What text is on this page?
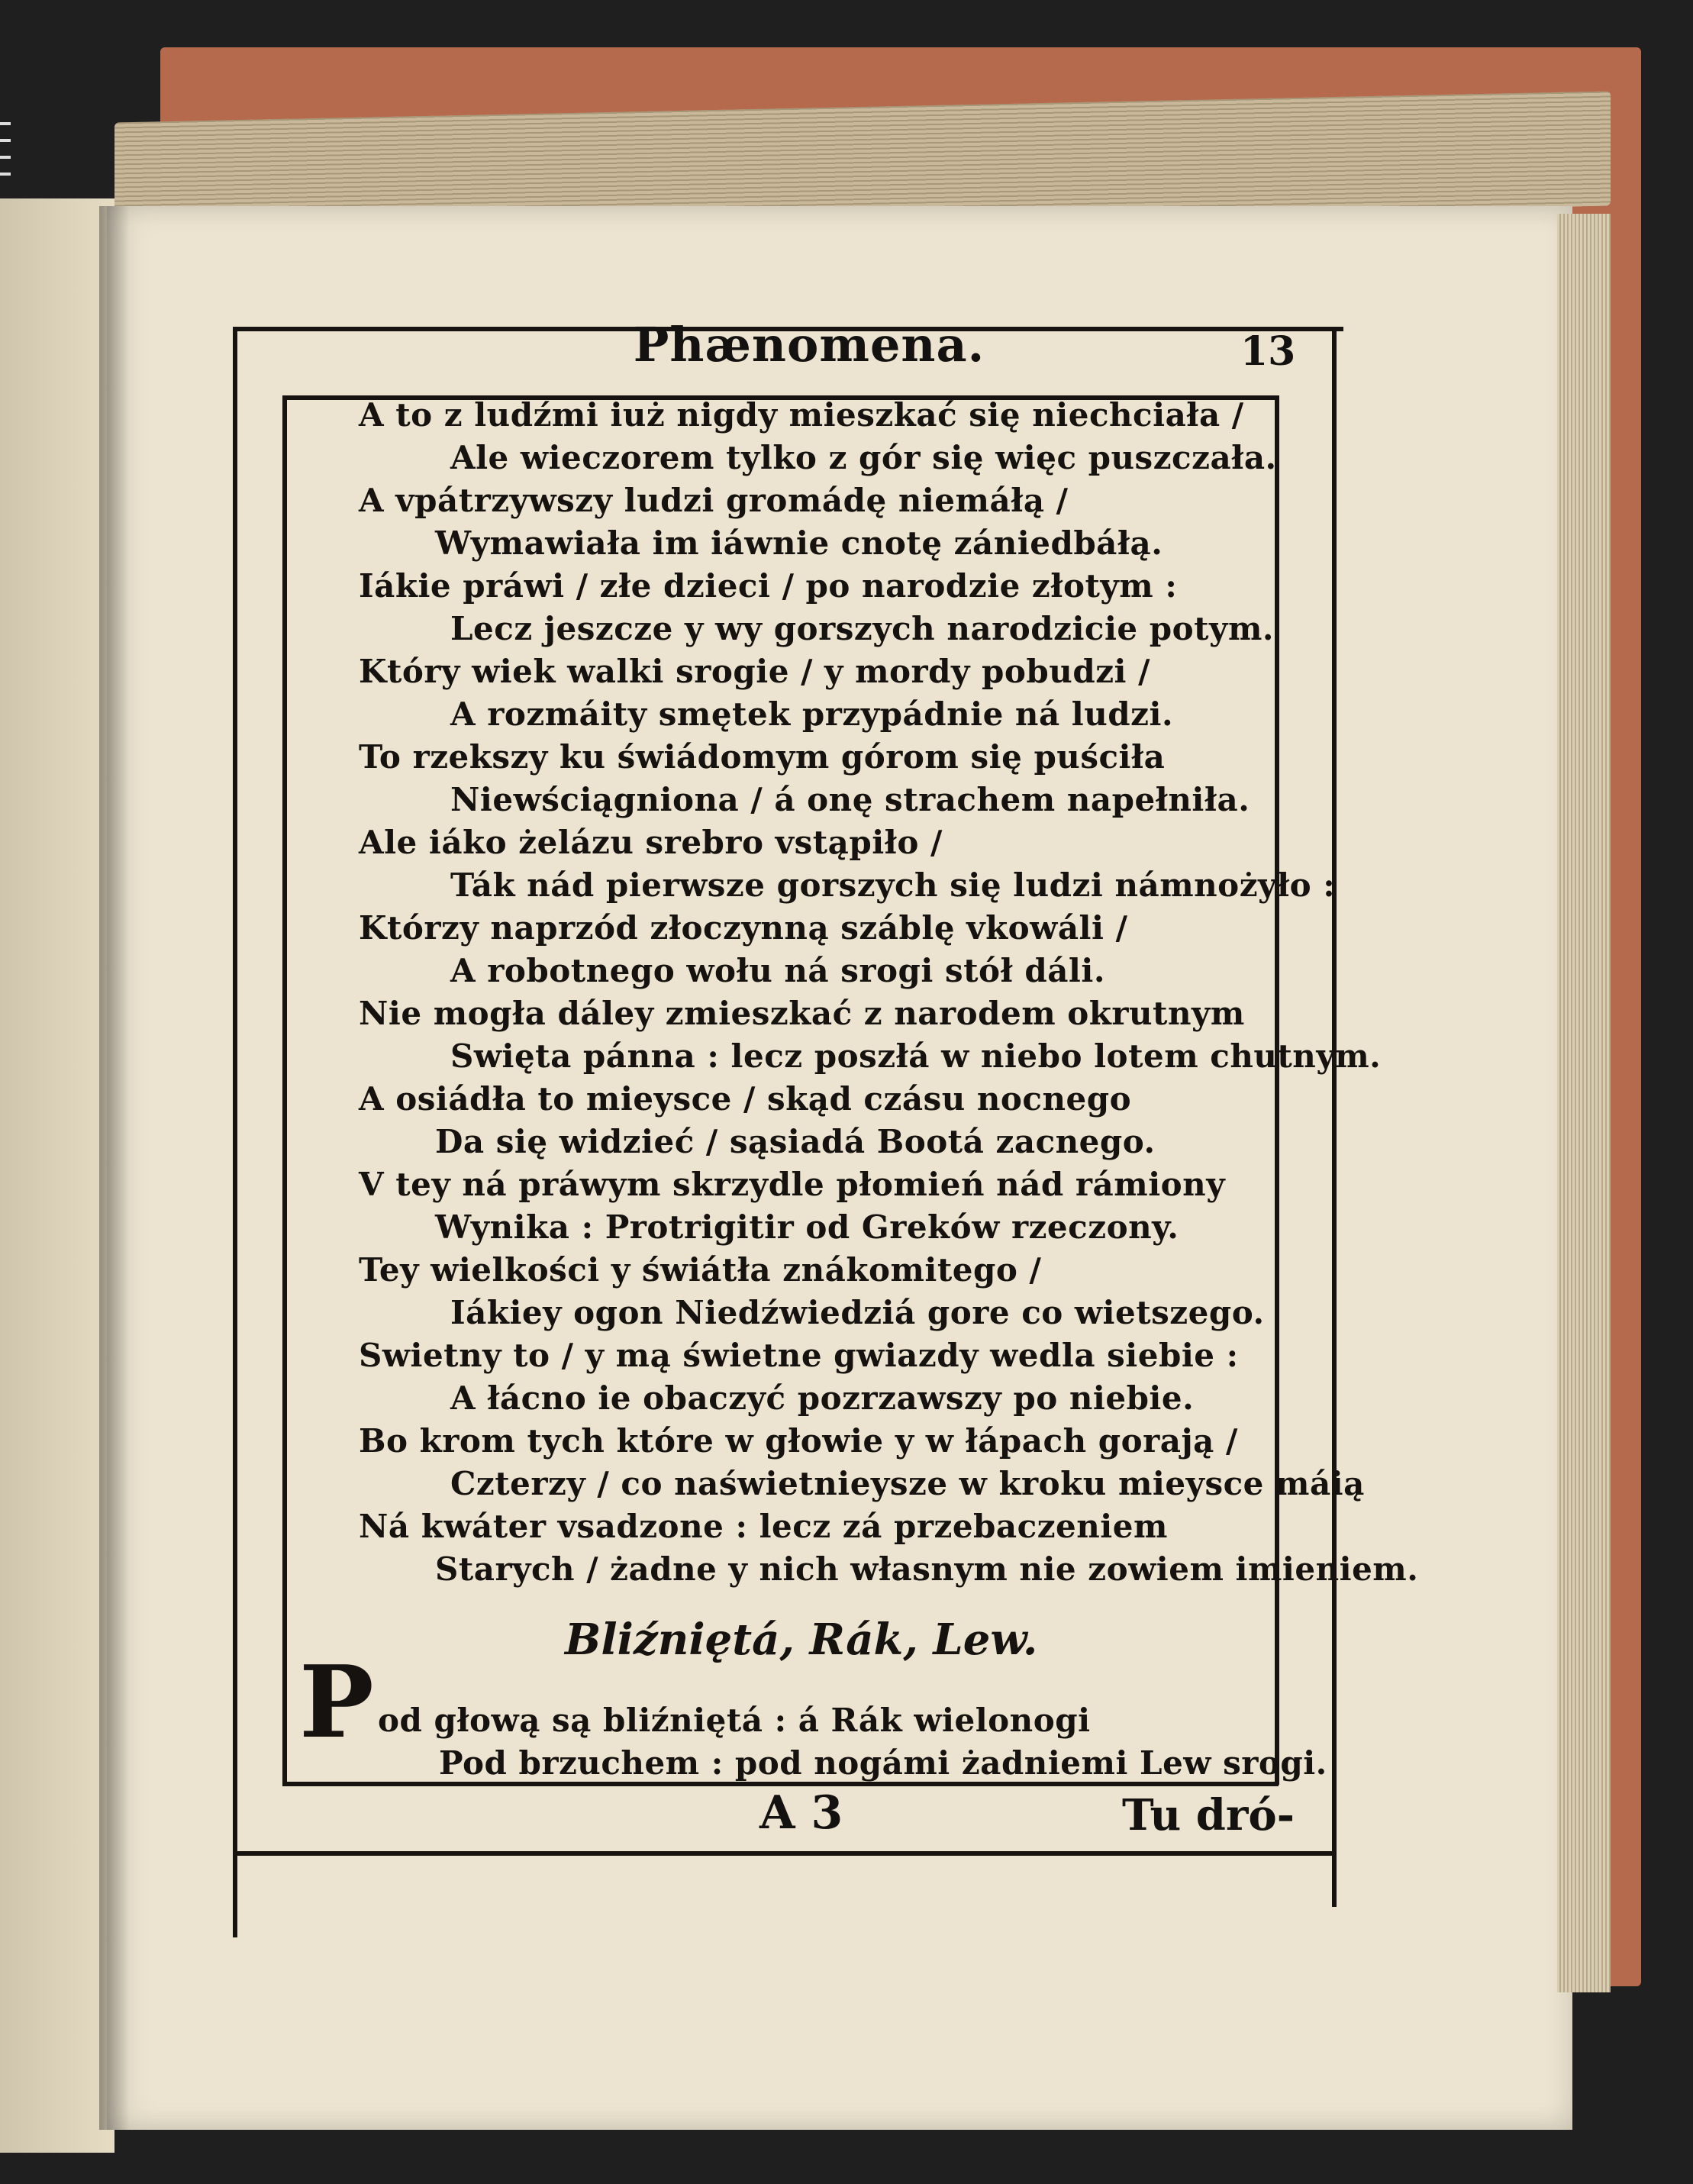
Phænomena.	13
A to z ludźmi iuż nigdy mieszkać się niechciała /
Ale wieczorem tylko z gór się więc puszczała.
A vpátrzywszy ludzi gromádę niemáłą /
Wymawiała im iáwnie cnotę zániedbáłą.
Iákie práwi / złe dzieci / po narodzie złotym :
Lecz jeszcze y wy gorszych narodzicie potym.
Który wiek walki srogie / y mordy pobudzi /
A rozmáity smętek przypádnie ná ludzi.
To rzekszy ku świádomym górom się puściła
Niewściągniona / á onę strachem napełniła.
Ale iáko żelázu srebro vstąpiło /
Ták nád pierwsze gorszych się ludzi námnożyło :
Którzy naprzód złoczynną száblę vkowáli /
A robotnego wołu ná srogi stół dáli.
Nie mogła dáley zmieszkać z narodem okrutnym
Swięta pánna : lecz poszłá w niebo lotem chutnym.
A osiádła to mieysce / skąd czásu nocnego
Da się widzieć / sąsiadá Bootá zacnego.
V tey ná práwym skrzydle płomień nád rámiony
Wynika : Protrigitir od Greków rzeczony.
Tey wielkości y świátła znákomitego /
Iákiey ogon Niedźwiedziá gore co wietszego.
Swietny to / y mą świetne gwiazdy wedla siebie :
A łácno ie obaczyć pozrzawszy po niebie.
Bo krom tych które w głowie y w łápach gorają /
Czterzy / co naświetnieysze w kroku mieysce máią
Ná kwáter vsadzone : lecz zá przebaczeniem
Starych / żadne y nich własnym nie zowiem imieniem.
Bliźniętá, Rák, Lew.
P od głową są bliźniętá : á Rák wielonogi
Pod brzuchem : pod nogámi żadniemi Lew srogi.
A 3	Tu dró-
